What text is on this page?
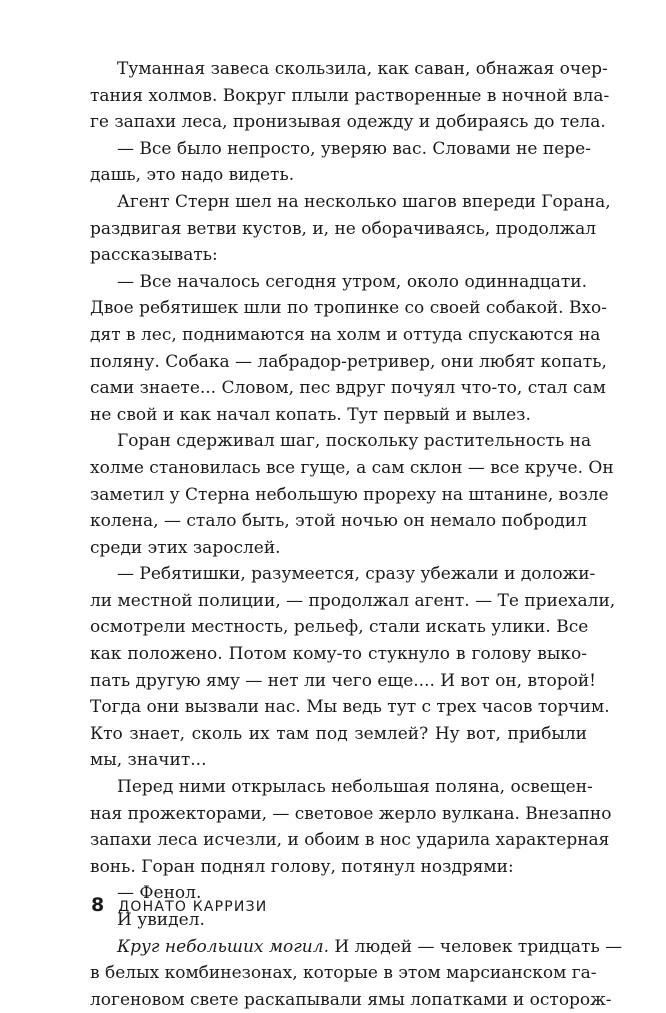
Туманная завеса скользила, как саван, обнажая очер-
тания холмов. Вокруг плыли растворенные в ночной вла-
ге запахи леса, пронизывая одежду и добираясь до тела.
— Все было непросто, уверяю вас. Словами не пере-
дашь, это надо видеть.
Агент Стерн шел на несколько шагов впереди Горана,
раздвигая ветви кустов, и, не оборачиваясь, продолжал
рассказывать:
— Все началось сегодня утром, около одиннадцати.
Двое ребятишек шли по тропинке со своей собакой. Вхо-
дят в лес, поднимаются на холм и оттуда спускаются на
поляну. Собака — лабрадор-ретривер, они любят копать,
сами знаете... Словом, пес вдруг почуял что-то, стал сам
не свой и как начал копать. Тут первый и вылез.
Горан сдерживал шаг, поскольку растительность на
холме становилась все гуще, а сам склон — все круче. Он
заметил у Стерна небольшую прореху на штанине, возле
колена, — стало быть, этой ночью он немало побродил
среди этих зарослей.
— Ребятишки, разумеется, сразу убежали и доложи-
ли местной полиции, — продолжал агент. — Те приехали,
осмотрели местность, рельеф, стали искать улики. Все
как положено. Потом кому-то стукнуло в голову выко-
пать другую яму — нет ли чего еще.... И вот он, второй!
Тогда они вызвали нас. Мы ведь тут с трех часов торчим.
Кто знает, сколь их там под землей? Ну вот, прибыли
мы, значит...
Перед ними открылась небольшая поляна, освещен-
ная прожекторами, — световое жерло вулкана. Внезапно
запахи леса исчезли, и обоим в нос ударила характерная
вонь. Горан поднял голову, потянул ноздрями:
— Фенол.
И увидел.
Круг небольших могил. И людей — человек тридцать —
в белых комбинезонах, которые в этом марсианском га-
логеновом свете раскапывали ямы лопатками и осторож-
8 ДОНАТО КАРРИЗИ
